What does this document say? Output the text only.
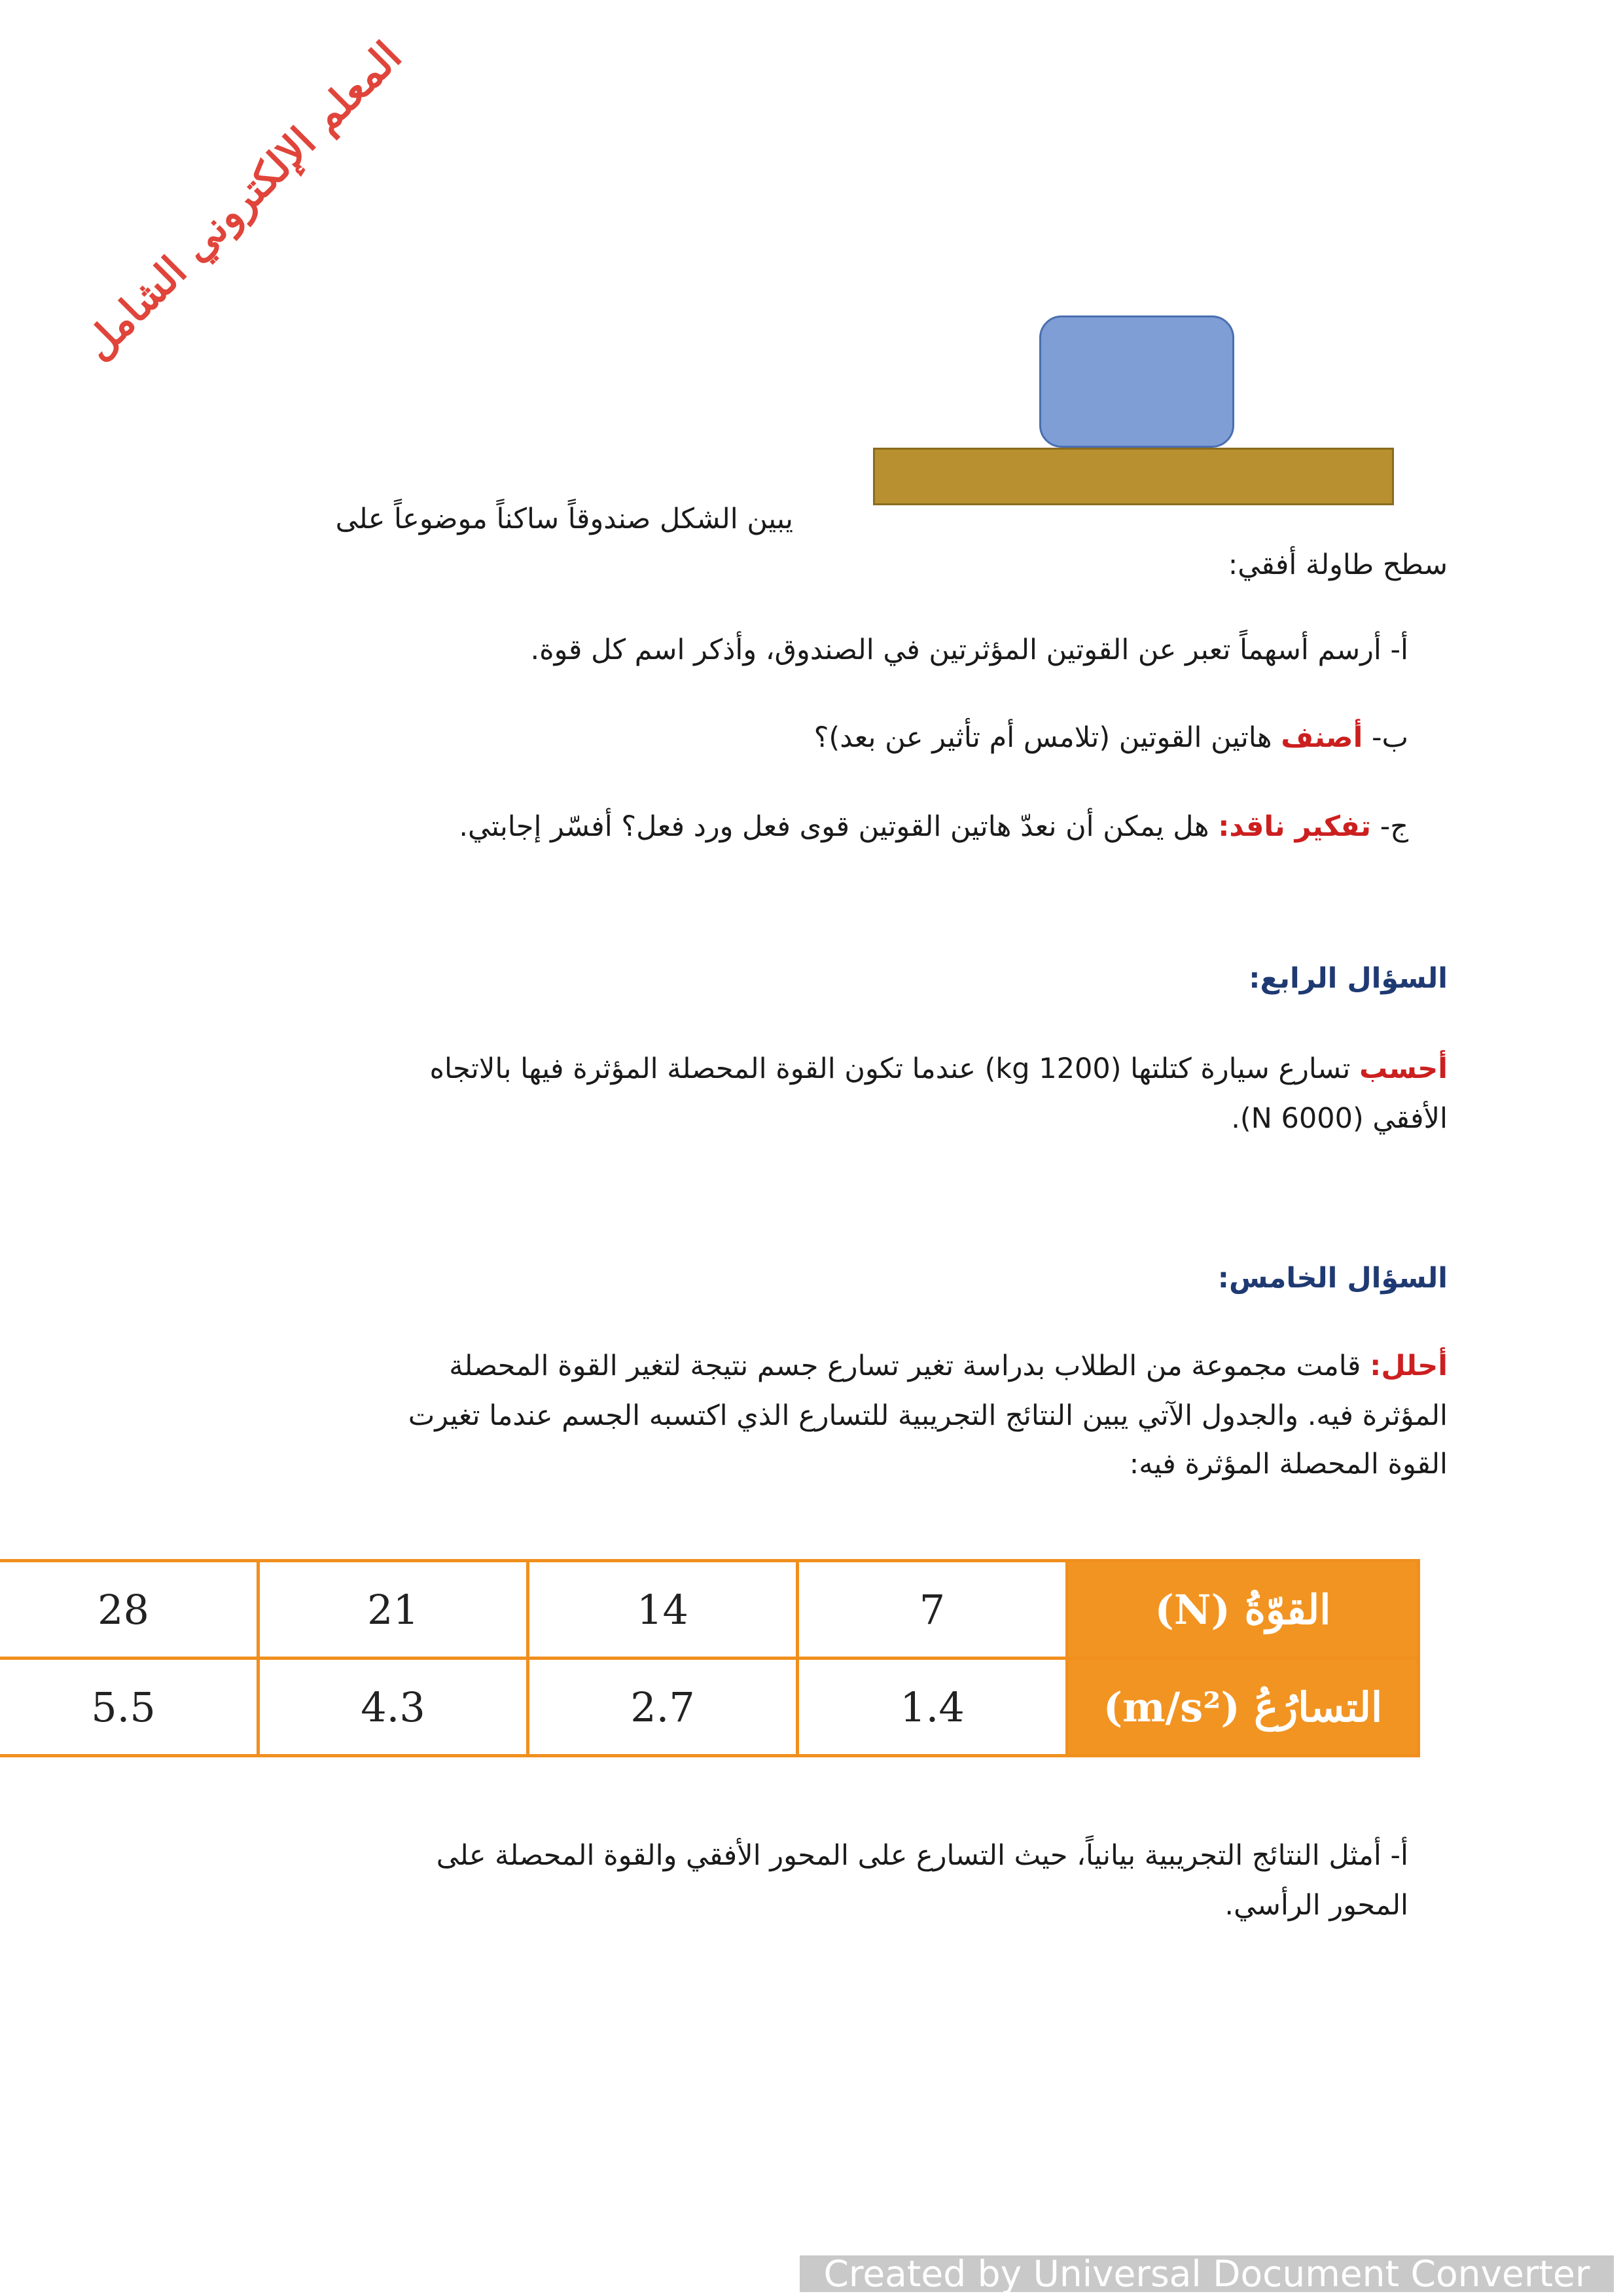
المعلم الإلكتروني الشامل
يبين الشكل صندوقاً ساكناً موضوعاً على
سطح طاولة أفقي:
أ- أرسم أسهماً تعبر عن القوتين المؤثرتين في الصندوق، وأذكر اسم كل قوة.
ب- أصنف هاتين القوتين (تلامس أم تأثير عن بعد)؟
ج- تفكير ناقد: هل يمكن أن نعدّ هاتين القوتين قوى فعل ورد فعل؟ أفسّر إجابتي.
السؤال الرابع:
أحسب تسارع سيارة كتلتها (1200 kg) عندما تكون القوة المحصلة المؤثرة فيها بالاتجاه
الأفقي (6000 N).
السؤال الخامس:
أحلل: قامت مجموعة من الطلاب بدراسة تغير تسارع جسم نتيجة لتغير القوة المحصلة
المؤثرة فيه. والجدول الآتي يبين النتائج التجريبية للتسارع الذي اكتسبه الجسم عندما تغيرت
القوة المحصلة المؤثرة فيه:
28	21	14	7	القوّةُ (N)
5.5	4.3	2.7	1.4	التسارُعُ (m/s²)
أ- أمثل النتائج التجريبية بيانياً، حيث التسارع على المحور الأفقي والقوة المحصلة على
المحور الرأسي.
Created by Universal Document Converter
